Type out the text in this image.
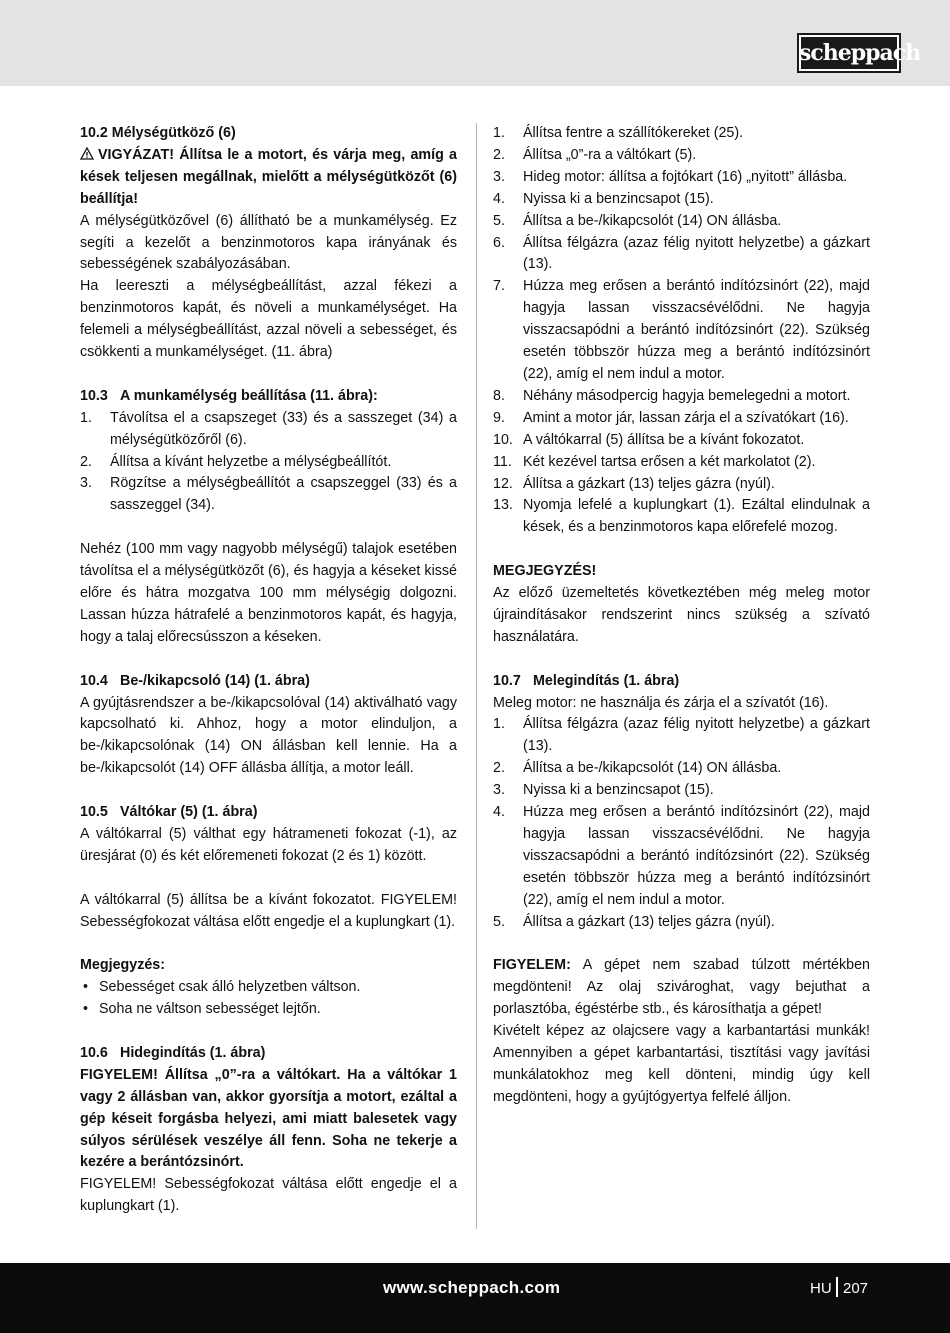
scheppach

10.2 Mélységütköző (6)

VIGYÁZAT! Állítsa le a motort, és várja meg, amíg a kések teljesen megállnak, mielőtt a mélységütközőt (6) beállítja!

A mélységütközővel (6) állítható be a munkamélység. Ez segíti a kezelőt a benzinmotoros kapa irányának és sebességének szabályozásában.

Ha leereszti a mélységbeállítást, azzal fékezi a benzinmotoros kapát, és növeli a munkamélységet. Ha felemeli a mélységbeállítást, azzal növeli a sebességet, és csökkenti a munkamélységet. (11. ábra)

10.3 A munkamélység beállítása (11. ábra):

1. Távolítsa el a csapszeget (33) és a sasszeget (34) a mélységütközőről (6).
2. Állítsa a kívánt helyzetbe a mélységbeállítót.
3. Rögzítse a mélységbeállítót a csapszeggel (33) és a sasszeggel (34).

Nehéz (100 mm vagy nagyobb mélységű) talajok esetében távolítsa el a mélységütközőt (6), és hagyja a késeket kissé előre és hátra mozgatva 100 mm mélységig dolgozni. Lassan húzza hátrafelé a benzinmotoros kapát, és hagyja, hogy a talaj előrecsússzon a késeken.

10.4 Be-/kikapcsoló (14) (1. ábra)

A gyújtásrendszer a be-/kikapcsolóval (14) aktiválható vagy kapcsolható ki. Ahhoz, hogy a motor elinduljon, a be-/kikapcsolónak (14) ON állásban kell lennie. Ha a be-/kikapcsolót (14) OFF állásba állítja, a motor leáll.

10.5 Váltókar (5) (1. ábra)

A váltókarral (5) válthat egy hátrameneti fokozat (-1), az üresjárat (0) és két előremeneti fokozat (2 és 1) között.

A váltókarral (5) állítsa be a kívánt fokozatot. FIGYELEM! Sebességfokozat váltása előtt engedje el a kuplungkart (1).

Megjegyzés:

• Sebességet csak álló helyzetben váltson.
• Soha ne váltson sebességet lejtőn.

10.6 Hidegindítás (1. ábra)

FIGYELEM! Állítsa „0”-ra a váltókart. Ha a váltókar 1 vagy 2 állásban van, akkor gyorsítja a motort, ezáltal a gép késeit forgásba helyezi, ami miatt balesetek vagy súlyos sérülések veszélye áll fenn. Soha ne tekerje a kezére a berántózsinórt.

FIGYELEM! Sebességfokozat váltása előtt engedje el a kuplungkart (1).

1. Állítsa fentre a szállítókereket (25).
2. Állítsa „0”-ra a váltókart (5).
3. Hideg motor: állítsa a fojtókart (16) „nyitott” állásba.
4. Nyissa ki a benzincsapot (15).
5. Állítsa a be-/kikapcsolót (14) ON állásba.
6. Állítsa félgázra (azaz félig nyitott helyzetbe) a gázkart (13).
7. Húzza meg erősen a berántó indítózsinórt (22), majd hagyja lassan visszacsévélődni. Ne hagyja visszacsapódni a berántó indítózsinórt (22). Szükség esetén többször húzza meg a berántó indítózsinórt (22), amíg el nem indul a motor.
8. Néhány másodpercig hagyja bemelegedni a motort.
9. Amint a motor jár, lassan zárja el a szívatókart (16).
10. A váltókarral (5) állítsa be a kívánt fokozatot.
11. Két kezével tartsa erősen a két markolatot (2).
12. Állítsa a gázkart (13) teljes gázra (nyúl).
13. Nyomja lefelé a kuplungkart (1). Ezáltal elindulnak a kések, és a benzinmotoros kapa előrefelé mozog.

MEGJEGYZÉS!

Az előző üzemeltetés következtében még meleg motor újraindításakor rendszerint nincs szükség a szívató használatára.

10.7 Melegindítás (1. ábra)

Meleg motor: ne használja és zárja el a szívatót (16).

1. Állítsa félgázra (azaz félig nyitott helyzetbe) a gázkart (13).
2. Állítsa a be-/kikapcsolót (14) ON állásba.
3. Nyissa ki a benzincsapot (15).
4. Húzza meg erősen a berántó indítózsinórt (22), majd hagyja lassan visszacsévélődni. Ne hagyja visszacsapódni a berántó indítózsinórt (22). Szükség esetén többször húzza meg a berántó indítózsinórt (22), amíg el nem indul a motor.
5. Állítsa a gázkart (13) teljes gázra (nyúl).

FIGYELEM: A gépet nem szabad túlzott mértékben megdönteni! Az olaj szivároghat, vagy bejuthat a porlasztóba, égéstérbe stb., és károsíthatja a gépet!

Kivételt képez az olajcsere vagy a karbantartási munkák! Amennyiben a gépet karbantartási, tisztítási vagy javítási munkálatokhoz meg kell dönteni, mindig úgy kell megdönteni, hogy a gyújtógyertya felfelé álljon.

www.scheppach.com	HU 207
